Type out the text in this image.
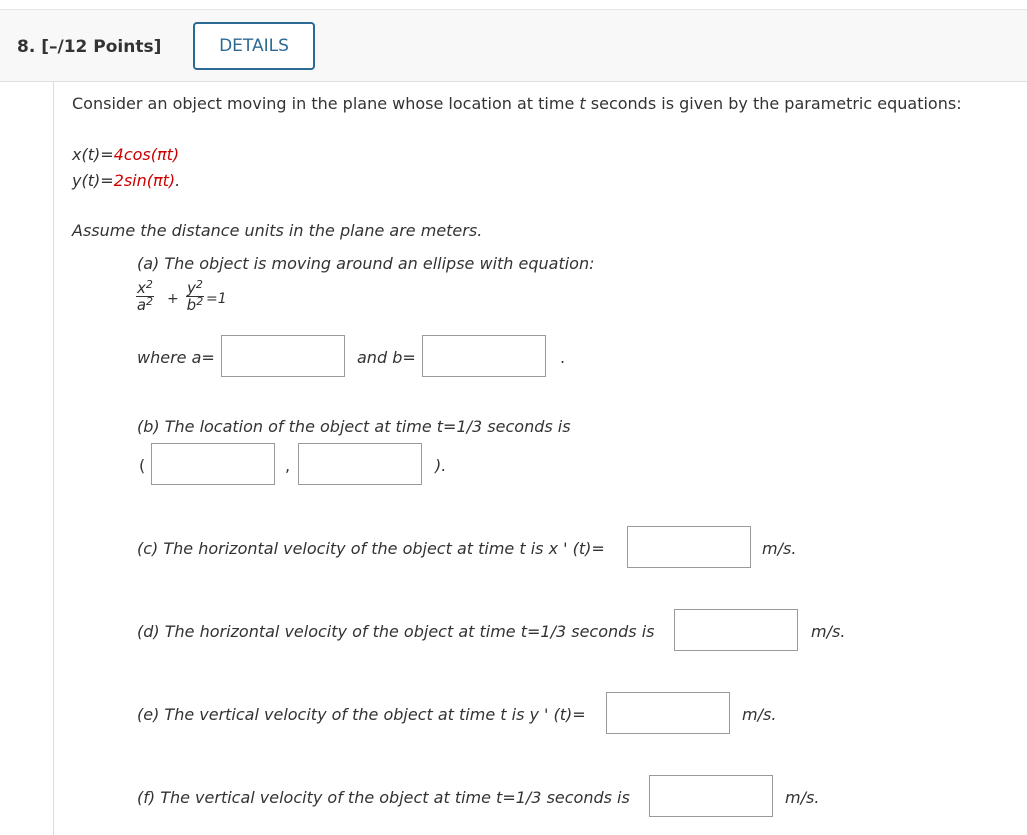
8. [–/12 Points]	DETAILS
Consider an object moving in the plane whose location at time t seconds is given by the parametric equations:
x(t)=4cos(πt)
y(t)=2sin(πt).
Assume the distance units in the plane are meters.
(a) The object is moving around an ellipse with equation:
$\frac{x^2}{a^2} + \frac{y^2}{b^2} =1$
where a=	and b=	.
(b) The location of the object at time t=1/3 seconds is
(	,	).
(c) The horizontal velocity of the object at time t is x ' (t)=	m/s.
(d) The horizontal velocity of the object at time t=1/3 seconds is	m/s.
(e) The vertical velocity of the object at time t is y ' (t)=	m/s.
(f) The vertical velocity of the object at time t=1/3 seconds is	m/s.
